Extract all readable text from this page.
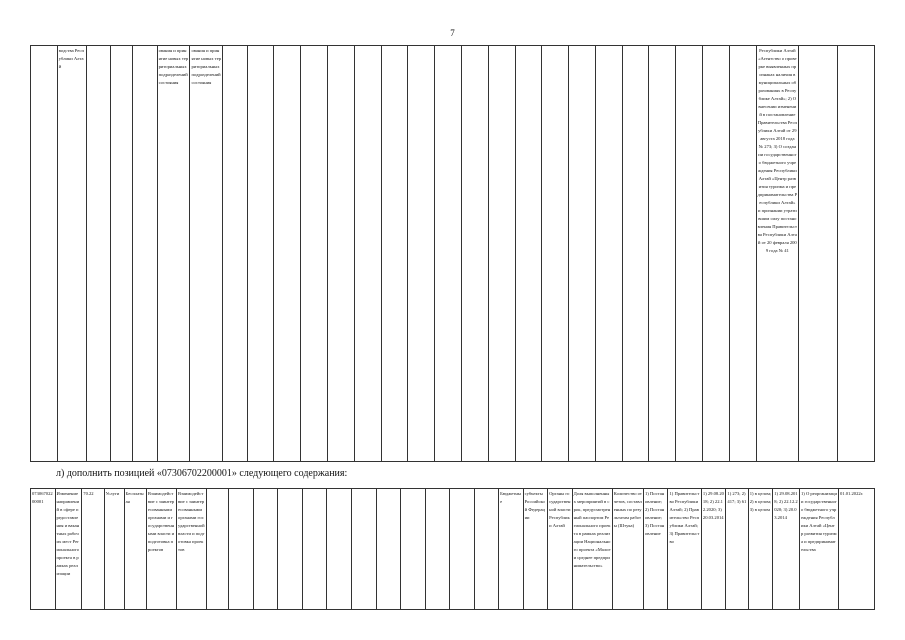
7
	водства Республики Алтай				ования и принятие новых территориальных подразделений состояния	ования и принятие новых территориальных подразделений состояния																					Республики Алтай «Агентство о проверке выявленных признаках наличия в муниципальных образованиях в Республике Алтай»; 2) О внесении изменений в постановление Правительства Республики Алтай от 29 августа 2018 года № 273; 3) О создании государственного бюджетного учреждения Республики Алтай «Центр развития туризма и предпринимательства Республики Алтай» и признании утратившим силу постановления Правительства Республики Алтай от 20 февраля 2009 года № 41		
л) дополнить позицией «07306702200001» следующего содержания:
07306702200001	Изменение направлений в сфере предоставления и вакантных рабочих мест Регионального проекта в рамках реализации	70.22	Услуги	Бесплатная	Взаимодействие с заинтересованными органами и государственными власти и подготовка проектов	Взаимодействие с заинтересованными органами государственной власти и подготовка проектов													Бюджетные	субъекты Российской Федерации	Органы государственной власти Республики Алтай	Доля выполненных мероприятий в срок, предусмотренный паспортом Регионального проекта в рамках реализации Национального проекта «Малое и среднее предпринимательство»	Количество отчетов, составленных по результатам работы (Штука)	1) Постановление; 2) Постановление; 3) Постановление	1) Правительство Республики Алтай; 2) Правительство Республики Алтай; 3) Правительство	1) 29.08.2018; 2) 22.12.2020; 3) 20.03.2014	1) 273; 2) 417; 3) 61	1) в целом; 2) в целом; 3) в целом	1) 29.08.2018; 2) 22.12.2020; 3) 20.03.2014	1) О реорганизации государственного бюджетного учреждения Республики Алтай «Центр развития туризма и предпринимательства	01.01.2022г.
